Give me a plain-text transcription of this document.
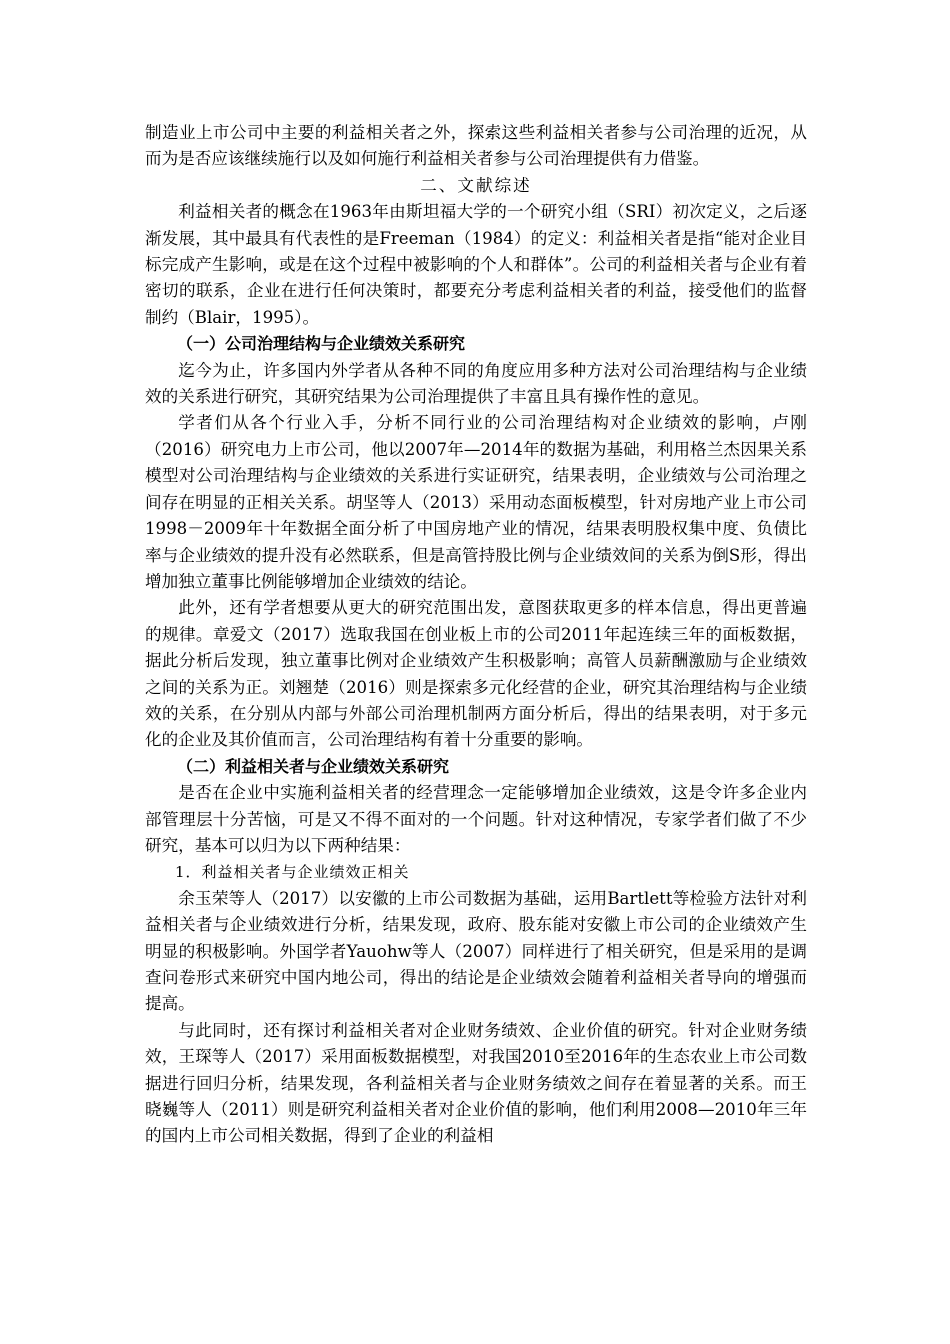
制造业上市公司中主要的利益相关者之外，探索这些利益相关者参与公司治理的近况，从而为是否应该继续施行以及如何施行利益相关者参与公司治理提供有力借鉴。

二、文献综述

利益相关者的概念在1963年由斯坦福大学的一个研究小组（SRI）初次定义，之后逐渐发展，其中最具有代表性的是Freeman（1984）的定义：利益相关者是指“能对企业目标完成产生影响，或是在这个过程中被影响的个人和群体”。公司的利益相关者与企业有着密切的联系，企业在进行任何决策时，都要充分考虑利益相关者的利益，接受他们的监督制约（Blair，1995）。

（一）公司治理结构与企业绩效关系研究

迄今为止，许多国内外学者从各种不同的角度应用多种方法对公司治理结构与企业绩效的关系进行研究，其研究结果为公司治理提供了丰富且具有操作性的意见。

学者们从各个行业入手，分析不同行业的公司治理结构对企业绩效的影响，卢刚（2016）研究电力上市公司，他以2007年—2014年的数据为基础，利用格兰杰因果关系模型对公司治理结构与企业绩效的关系进行实证研究，结果表明，企业绩效与公司治理之间存在明显的正相关关系。胡坚等人（2013）采用动态面板模型，针对房地产业上市公司1998－2009年十年数据全面分析了中国房地产业的情况，结果表明股权集中度、负债比率与企业绩效的提升没有必然联系，但是高管持股比例与企业绩效间的关系为倒S形，得出增加独立董事比例能够增加企业绩效的结论。

此外，还有学者想要从更大的研究范围出发，意图获取更多的样本信息，得出更普遍的规律。章爱文（2017）选取我国在创业板上市的公司2011年起连续三年的面板数据，据此分析后发现，独立董事比例对企业绩效产生积极影响；高管人员薪酬激励与企业绩效之间的关系为正。刘翘楚（2016）则是探索多元化经营的企业，研究其治理结构与企业绩效的关系，在分别从内部与外部公司治理机制两方面分析后，得出的结果表明，对于多元化的企业及其价值而言，公司治理结构有着十分重要的影响。

（二）利益相关者与企业绩效关系研究

是否在企业中实施利益相关者的经营理念一定能够增加企业绩效，这是令许多企业内部管理层十分苦恼，可是又不得不面对的一个问题。针对这种情况，专家学者们做了不少研究，基本可以归为以下两种结果：

1．利益相关者与企业绩效正相关

余玉荣等人（2017）以安徽的上市公司数据为基础，运用Bartlett等检验方法针对利益相关者与企业绩效进行分析，结果发现，政府、股东能对安徽上市公司的企业绩效产生明显的积极影响。外国学者Yauohw等人（2007）同样进行了相关研究，但是采用的是调查问卷形式来研究中国内地公司，得出的结论是企业绩效会随着利益相关者导向的增强而提高。

与此同时，还有探讨利益相关者对企业财务绩效、企业价值的研究。针对企业财务绩效，王琛等人（2017）采用面板数据模型，对我国2010至2016年的生态农业上市公司数据进行回归分析，结果发现，各利益相关者与企业财务绩效之间存在着显著的关系。而王晓巍等人（2011）则是研究利益相关者对企业价值的影响，他们利用2008—2010年三年的国内上市公司相关数据，得到了企业的利益相
